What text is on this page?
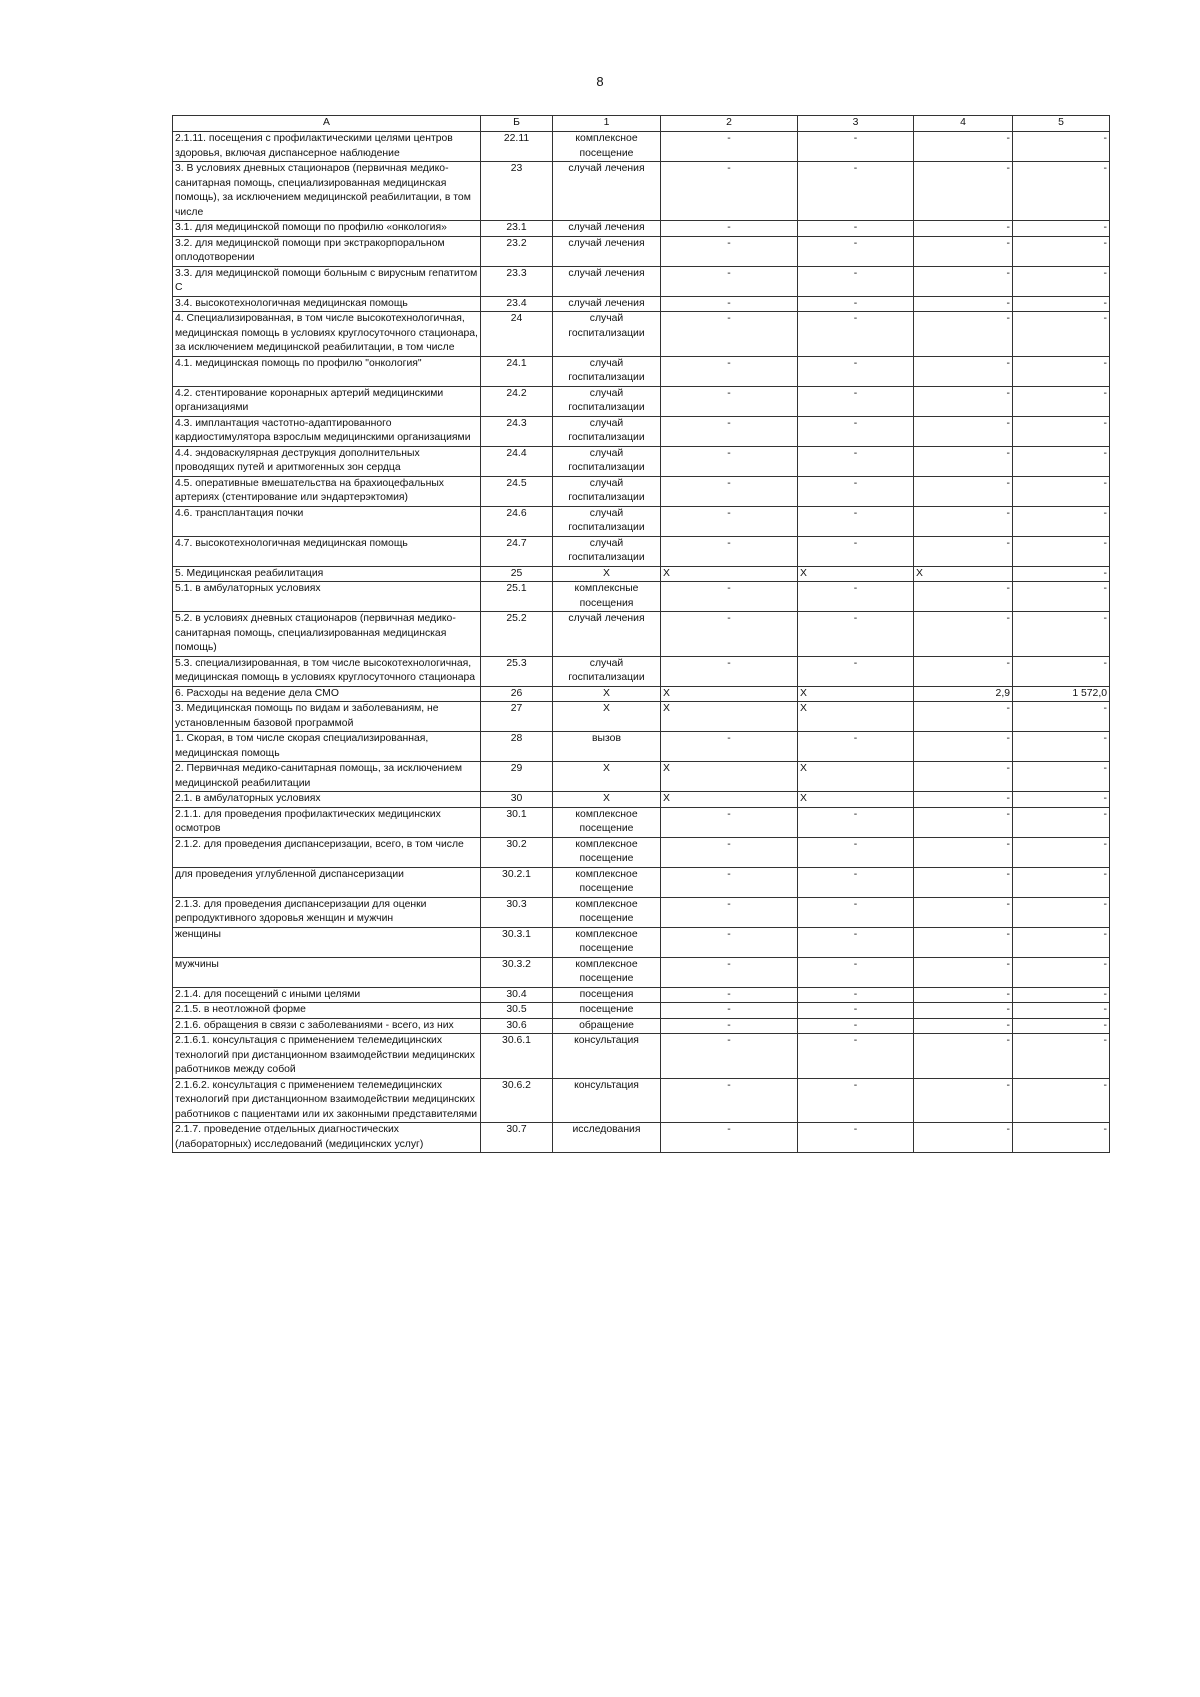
8
А	Б	1	2	3	4	5
2.1.11. посещения с профилактическими целями центров здоровья, включая диспансерное наблюдение	22.11	комплексное посещение	-	-	-	-
3. В условиях дневных стационаров (первичная медико-санитарная помощь, специализированная медицинская помощь), за исключением медицинской реабилитации, в том числе	23	случай лечения	-	-	-	-
3.1. для медицинской помощи по профилю «онкология»	23.1	случай лечения	-	-	-	-
3.2. для медицинской помощи при экстракорпоральном оплодотворении	23.2	случай лечения	-	-	-	-
3.3. для медицинской помощи больным с вирусным гепатитом С	23.3	случай лечения	-	-	-	-
3.4. высокотехнологичная медицинская помощь	23.4	случай лечения	-	-	-	-
4. Специализированная, в том числе высокотехнологичная, медицинская помощь в условиях круглосуточного стационара, за исключением медицинской реабилитации, в том числе	24	случай госпитализации	-	-	-	-
4.1. медицинская помощь по профилю "онкология"	24.1	случай госпитализации	-	-	-	-
4.2. стентирование коронарных артерий медицинскими организациями	24.2	случай госпитализации	-	-	-	-
4.3. имплантация частотно-адаптированного кардиостимулятора взрослым медицинскими организациями	24.3	случай госпитализации	-	-	-	-
4.4. эндоваскулярная деструкция дополнительных проводящих путей и аритмогенных зон сердца	24.4	случай госпитализации	-	-	-	-
4.5. оперативные вмешательства на брахиоцефальных артериях (стентирование или эндартерэктомия)	24.5	случай госпитализации	-	-	-	-
4.6. трансплантация почки	24.6	случай госпитализации	-	-	-	-
4.7. высокотехнологичная медицинская помощь	24.7	случай госпитализации	-	-	-	-
5. Медицинская реабилитация	25	Х	Х	Х	Х	-
5.1. в амбулаторных условиях	25.1	комплексные посещения	-	-	-	-
5.2. в условиях дневных стационаров (первичная медико-санитарная помощь, специализированная медицинская помощь)	25.2	случай лечения	-	-	-	-
5.3. специализированная, в том числе высокотехнологичная, медицинская помощь в условиях круглосуточного стационара	25.3	случай госпитализации	-	-	-	-
6. Расходы на ведение дела СМО	26	Х	Х	Х	2,9	1 572,0
3. Медицинская помощь по видам и заболеваниям, не установленным базовой программой	27	Х	Х	Х	-	-
1. Скорая, в том числе скорая специализированная, медицинская помощь	28	вызов	-	-	-	-
2. Первичная медико-санитарная помощь, за исключением медицинской реабилитации	29	Х	Х	Х	-	-
2.1. в амбулаторных условиях	30	Х	Х	Х	-	-
2.1.1. для проведения профилактических медицинских осмотров	30.1	комплексное посещение	-	-	-	-
2.1.2. для проведения диспансеризации, всего, в том числе	30.2	комплексное посещение	-	-	-	-
для проведения углубленной диспансеризации	30.2.1	комплексное посещение	-	-	-	-
2.1.3. для проведения диспансеризации для оценки репродуктивного здоровья женщин и мужчин	30.3	комплексное посещение	-	-	-	-
женщины	30.3.1	комплексное посещение	-	-	-	-
мужчины	30.3.2	комплексное посещение	-	-	-	-
2.1.4. для посещений с иными целями	30.4	посещения	-	-	-	-
2.1.5. в неотложной форме	30.5	посещение	-	-	-	-
2.1.6. обращения в связи с заболеваниями - всего, из них	30.6	обращение	-	-	-	-
2.1.6.1. консультация с применением телемедицинских технологий при дистанционном взаимодействии медицинских работников между собой	30.6.1	консультация	-	-	-	-
2.1.6.2. консультация с применением телемедицинских технологий при дистанционном взаимодействии медицинских работников с пациентами или их законными представителями	30.6.2	консультация	-	-	-	-
2.1.7. проведение отдельных диагностических (лабораторных) исследований (медицинских услуг)	30.7	исследования	-	-	-	-
